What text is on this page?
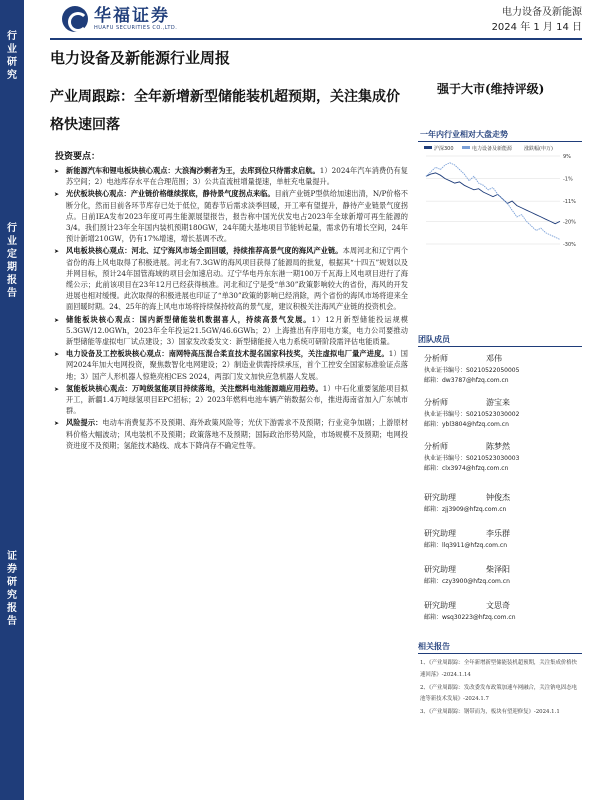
行业研究
行业定期报告
证券研究报告
华福证券
HUAFU SECURITIES CO.,LTD.
电力设备及新能源
2024 年 1 月 14 日
电力设备及新能源行业周报
产业周跟踪：全年新增新型储能装机超预期，关注集成价格快速回落
强于大市(维持评级)
投资要点：
➤ 新能源汽车和锂电板块核心观点：大浪淘沙剩者为王，去库到位只待需求启航。1）2024年汽车消费仍有复苏空间；2）电池库存水平在合理范围；3）公共直流桩增量提速，单桩充电量提升。
➤ 光伏板块核心观点：产业链价格继续探底，静待景气度拐点来临。目前产业链P型供给加速出清，N/P价格不断分化，然而目前各环节库存已处于低位，随春节后需求淡季回暖，开工率有望提升，静待产业链景气度拐点。日前IEA发布2023年度可再生能源展望报告，报告称中国光伏发电占2023年全球新增可再生能源的3/4。我们预计23年全年国内装机预期180GW，24年随大基地项目节能转起量，需求仍有增长空间，24年预计新增210GW，仍有17%增速，增长基调不改。
➤ 风电板块核心观点：河北、辽宁海风市场全面回暖，持续推荐高景气度的海风产业链。本周河北和辽宁两个省份的海上风电取得了积极进展。河北有7.3GW的海风项目获得了能源局的批复，根据其“十四五”规划以及并网目标，预计24年国管海域的项目会加速启动。辽宁华电丹东东港一期100万千瓦海上风电项目进行了海缆公示；此前该项目在23年12月已经获得核准。河北和辽宁是受“单30”政策影响较大的省份，海风的开发进展也相对缓慢。此次取得的积极进展也印证了“单30”政策的影响已经消除，两个省份的海风市场将迎来全面回暖时期。24、25年的海上风电市场将持续保持较高的景气度，建议积极关注海风产业链的投资机会。
➤ 储能板块核心观点：国内新型储能装机数据喜人，持续高景气发展。1）12月新型储能投运规模5.3GW/12.0GWh，2023年全年投运21.5GW/46.6GWh；2）上海推出有序用电方案，电力公司要推动新型储能等虚拟电厂试点建设；3）国家发改委发文：新型储能接入电力系统可研阶段需评估电能质量。
➤ 电力设备及工控板块核心观点：南网特高压混合柔直技术提名国家科技奖，关注虚拟电厂量产进度。1）国网2024年加大电网投资，聚焦数智化电网建设；2）制造业供需持续承压，首个工控安全国家标准验证点落地；3）国产人形机器人惊艳亮相CES 2024，两部门发文加快应急机器人发展。
➤ 氢能板块核心观点：万吨级氢能项目持续落地，关注燃料电池能源端应用趋势。1）中石化重要氢能项目拟开工，新疆1.4万吨绿氢项目EPC招标；2）2023年燃料电池车辆产销数据公布，推进海南省加入广东城市群。
➤ 风险提示：电动车消费复苏不及预期、海外政策风险等；光伏下游需求不及预期；行业竞争加剧；上游原材料价格大幅波动；风电装机不及预期；政策落地不及预期；国际政治形势风险，市场规模不及预期；电网投资进度不及预期；氢能技术路线、成本下降尚存不确定性等。
一年内行业相对大盘走势
9%
-1%
-11%
-20%
-30%
沪深300	电力设备及新能源 涨跌幅(申万)
团队成员
分析师	邓伟
执业证书编号：S0210522050005
邮箱：dw3787@hfzq.com.cn
分析师	游宝来
执业证书编号：S0210523030002
邮箱：ybl3804@hfzq.com.cn
分析师	陈梦然
执业证书编号：S0210523030003
邮箱：clx3974@hfzq.com.cn
研究助理	钟俊杰
邮箱：zjj3909@hfzq.com.cn
研究助理	李乐群
邮箱：llq3911@hfzq.com.cn
研究助理	柴泽阳
邮箱：czy3900@hfzq.com.cn
研究助理	文思奇
邮箱：wsq30223@hfzq.com.cn
相关报告
1、《产业周跟踪：全年新增新型储能装机超预期，关注集成价格快速回落》-2024.1.14
2、《产业周跟踪：发改委发布政策加速车网融合，关注钠电固态电池等新技术发展》-2024.1.7
3、《产业周跟踪：钢带而为，板块有望迎修复》-2024.1.1
